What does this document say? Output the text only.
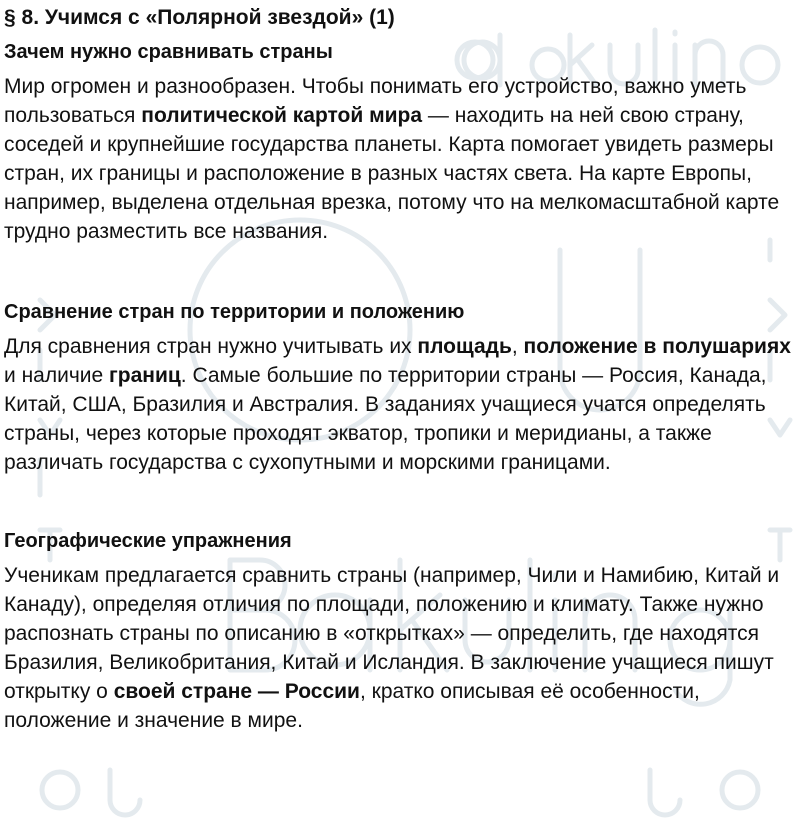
§ 8. Учимся с «Полярной звездой» (1)
Зачем нужно сравнивать страны

Мир огромен и разнообразен. Чтобы понимать его устройство, важно уметь пользоваться политической картой мира — находить на ней свою страну, соседей и крупнейшие государства планеты. Карта помогает увидеть размеры стран, их границы и расположение в разных частях света. На карте Европы, например, выделена отдельная врезка, потому что на мелкомасштабной карте трудно разместить все названия.

Сравнение стран по территории и положению

Для сравнения стран нужно учитывать их площадь, положение в полушариях и наличие границ. Самые большие по территории страны — Россия, Канада, Китай, США, Бразилия и Австралия. В заданиях учащиеся учатся определять страны, через которые проходят экватор, тропики и меридианы, а также различать государства с сухопутными и морскими границами.

Географические упражнения

Ученикам предлагается сравнить страны (например, Чили и Намибию, Китай и Канаду), определяя отличия по площади, положению и климату. Также нужно распознать страны по описанию в «открытках» — определить, где находятся Бразилия, Великобритания, Китай и Исландия. В заключение учащиеся пишут открытку о своей стране — России, кратко описывая её особенности, положение и значение в мире.
